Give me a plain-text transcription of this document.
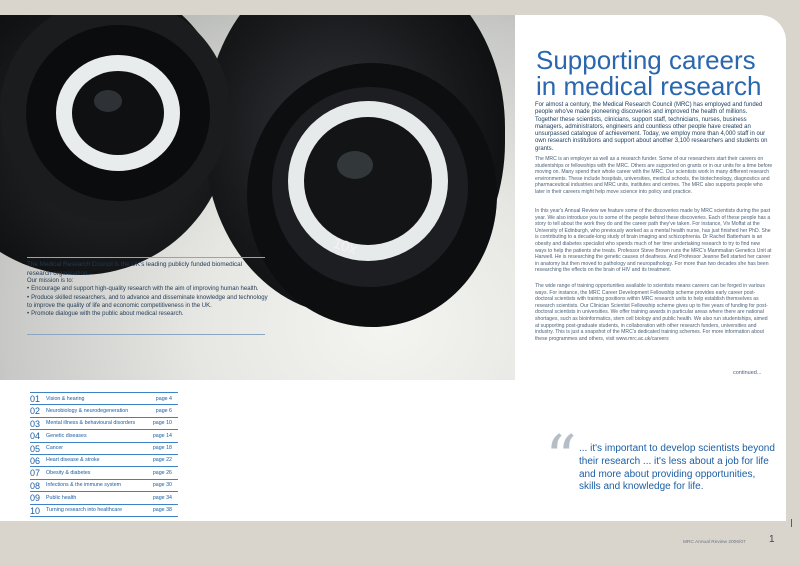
10x
The Medical Research Council is the UK's leading publicly funded biomedical research organisation.
Our mission is to:
• Encourage and support high-quality research with the aim of improving human health.
• Produce skilled researchers, and to advance and disseminate knowledge and technology to improve the quality of life and economic competitiveness in the UK.
• Promote dialogue with the public about medical research.
01 Vision & hearing	page 4
02 Neurobiology & neurodegeneration	page 6
03 Mental illness & behavioural disorders	page 10
04 Genetic diseases	page 14
05 Cancer	page 18
06 Heart disease & stroke	page 22
07 Obesity & diabetes	page 26
08 Infections & the immune system	page 30
09 Public health	page 34
10 Turning research into healthcare	page 38
Supporting careers in medical research
For almost a century, the Medical Research Council (MRC) has employed and funded people who've made pioneering discoveries and improved the health of millions. Together these scientists, clinicians, support staff, technicians, nurses, business managers, administrators, engineers and countless other people have created an unsurpassed catalogue of achievement. Today, we employ more than 4,000 staff in our own research institutions and support about another 3,100 researchers and students on grants.
The MRC is an employer as well as a research funder. Some of our researchers start their careers on studentships or fellowships with the MRC. Others are supported on grants or in our units for a time before moving on. Many spend their whole career with the MRC. Our scientists work in many different research environments. These include hospitals, universities, medical schools, the biotechnology, diagnostics and pharmaceutical industries and MRC units, institutes and centres. The MRC also supports people who later in their careers might help move science into policy and practice.
In this year's Annual Review we feature some of the discoveries made by MRC scientists during the past year. We also introduce you to some of the people behind these discoveries. Each of these people has a story to tell about the work they do and the career path they've taken. For instance, Viv Moffat at the University of Edinburgh, who previously worked as a mental health nurse, has just finished her PhD. She is contributing to a decade-long study of brain imaging and schizophrenia. Dr Rachel Batterham is an obesity and diabetes specialist who spends much of her time undertaking research to try to find new ways to help the patients she treats. Professor Steve Brown runs the MRC's Mammalian Genetics Unit at Harwell. He is researching the genetic causes of deafness. And Professor Jeanne Bell started her career in anatomy but then moved to pathology and neuropathology. For more than two decades she has been researching the effects on the brain of HIV and its treatment.
The wide range of training opportunities available to scientists means careers can be forged in various ways. For instance, the MRC Career Development Fellowship scheme provides early career post-doctoral scientists with training positions within MRC research units to help establish themselves as research scientists. Our Clinician Scientist Fellowship scheme gives up to five years of funding for post-doctoral scientists in universities. We offer training awards in particular areas where there are national shortages, such as bioinformatics, stem cell biology and public health. We also run studentships, aimed at supporting post-graduate students, in collaboration with other research funders, universities and industry. This is just a snapshot of the MRC's dedicated training schemes. For more information about these programmes and others, visit www.mrc.ac.uk/careers
continued...
“ ... it's important to develop scientists beyond their research ... it's less about a job for life and more about providing opportunities, skills and knowledge for life.
MRC Annual Review 2006/07 1
